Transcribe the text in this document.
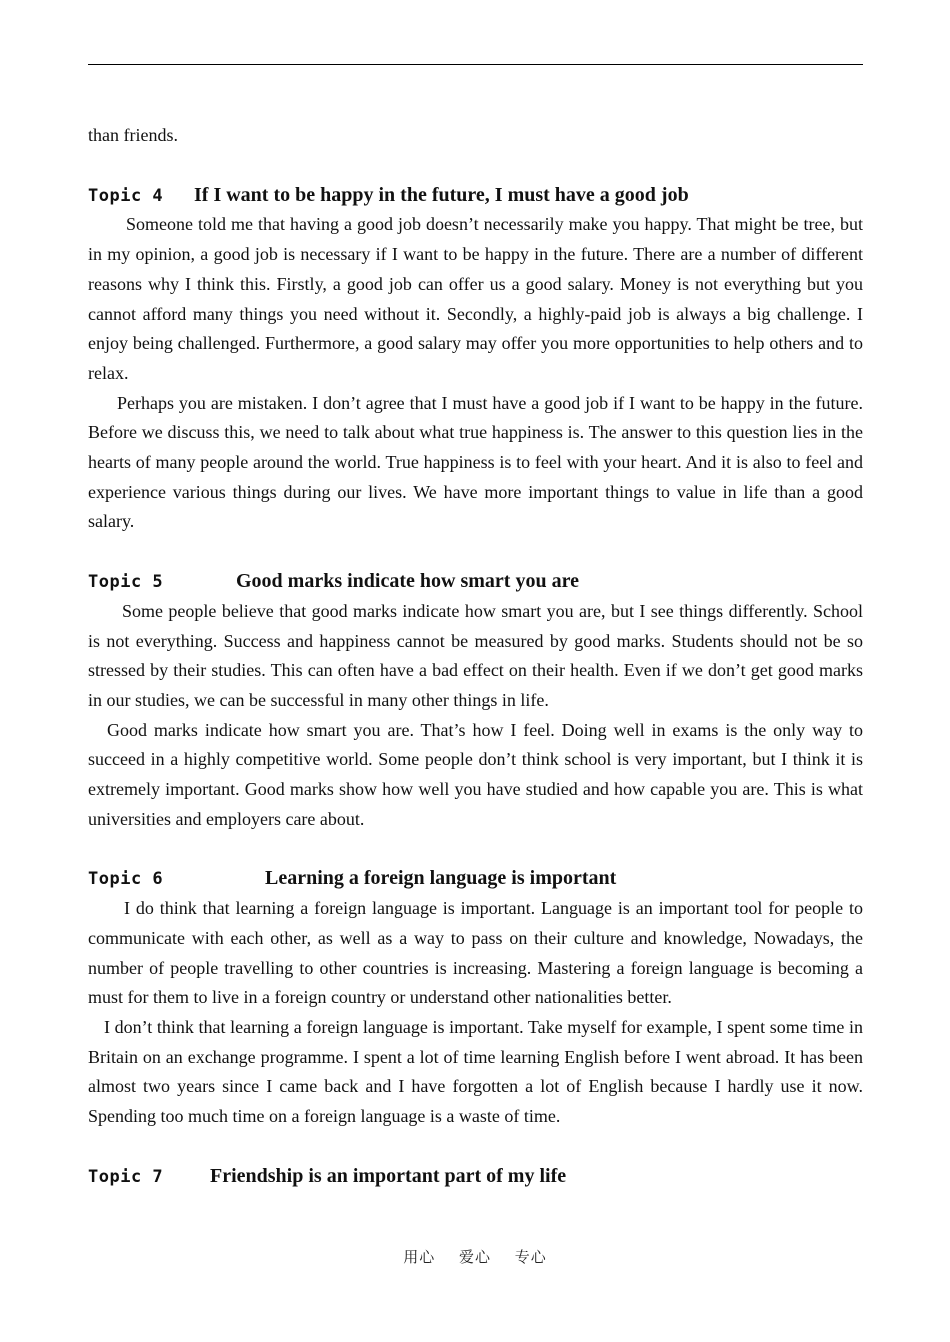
than friends.

Topic 4	If I want to be happy in the future, I must have a good job

Someone told me that having a good job doesn’t necessarily make you happy. That might be tree, but in my opinion, a good job is necessary if I want to be happy in the future. There are a number of different reasons why I think this. Firstly, a good job can offer us a good salary. Money is not everything but you cannot afford many things you need without it. Secondly, a highly-paid job is always a big challenge. I enjoy being challenged. Furthermore, a good salary may offer you more opportunities to help others and to relax.

Perhaps you are mistaken. I don’t agree that I must have a good job if I want to be happy in the future. Before we discuss this, we need to talk about what true happiness is. The answer to this question lies in the hearts of many people around the world. True happiness is to feel with your heart. And it is also to feel and experience various things during our lives. We have more important things to value in life than a good salary.

Topic 5	Good marks indicate how smart you are

Some people believe that good marks indicate how smart you are, but I see things differently. School is not everything. Success and happiness cannot be measured by good marks. Students should not be so stressed by their studies. This can often have a bad effect on their health. Even if we don’t get good marks in our studies, we can be successful in many other things in life.

Good marks indicate how smart you are. That’s how I feel. Doing well in exams is the only way to succeed in a highly competitive world. Some people don’t think school is very important, but I think it is extremely important. Good marks show how well you have studied and how capable you are. This is what universities and employers care about.

Topic 6	Learning a foreign language is important

I do think that learning a foreign language is important. Language is an important tool for people to communicate with each other, as well as a way to pass on their culture and knowledge, Nowadays, the number of people travelling to other countries is increasing. Mastering a foreign language is becoming a must for them to live in a foreign country or understand other nationalities better.

I don’t think that learning a foreign language is important. Take myself for example, I spent some time in Britain on an exchange programme. I spent a lot of time learning English before I went abroad. It has been almost two years since I came back and I have forgotten a lot of English because I hardly use it now. Spending too much time on a foreign language is a waste of time.

Topic 7	Friendship is an important part of my life
用心 爱心 专心
